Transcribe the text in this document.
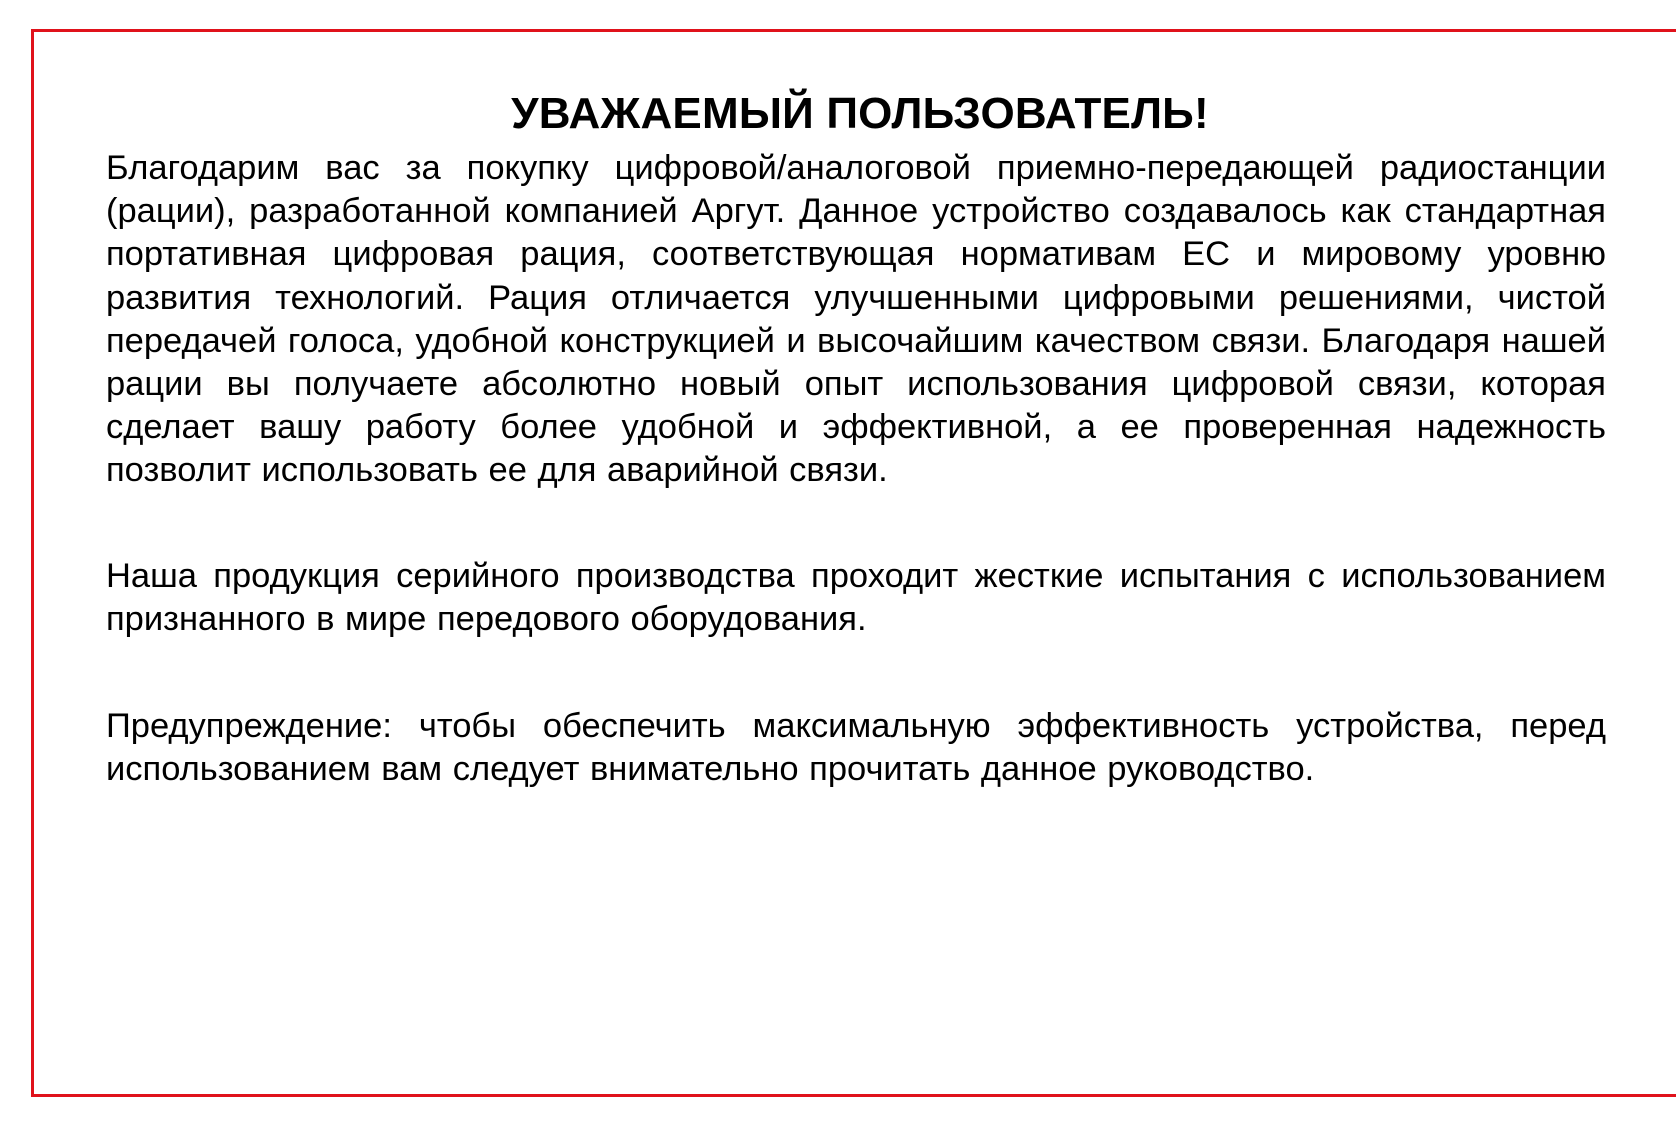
УВАЖАЕМЫЙ ПОЛЬЗОВАТЕЛЬ!
Благодарим вас за покупку цифровой/аналоговой приемно-передающей радиостанции (рации), разработанной компанией Аргут. Данное устройство создавалось как стандартная портативная цифровая рация, соответствующая нормативам ЕС и мировому уровню развития технологий. Рация отличается улучшенными цифровыми решениями, чистой передачей голоса, удобной конструкцией и высочайшим качеством связи. Благодаря нашей рации вы получаете абсолютно новый опыт использования цифровой связи, которая сделает вашу работу более удобной и эффективной, а ее проверенная надежность позволит использовать ее для аварийной связи.
Наша продукция серийного производства проходит жесткие испытания с использованием признанного в мире передового оборудования.
Предупреждение: чтобы обеспечить максимальную эффективность устройства, перед использованием вам следует внимательно прочитать данное руководство.
